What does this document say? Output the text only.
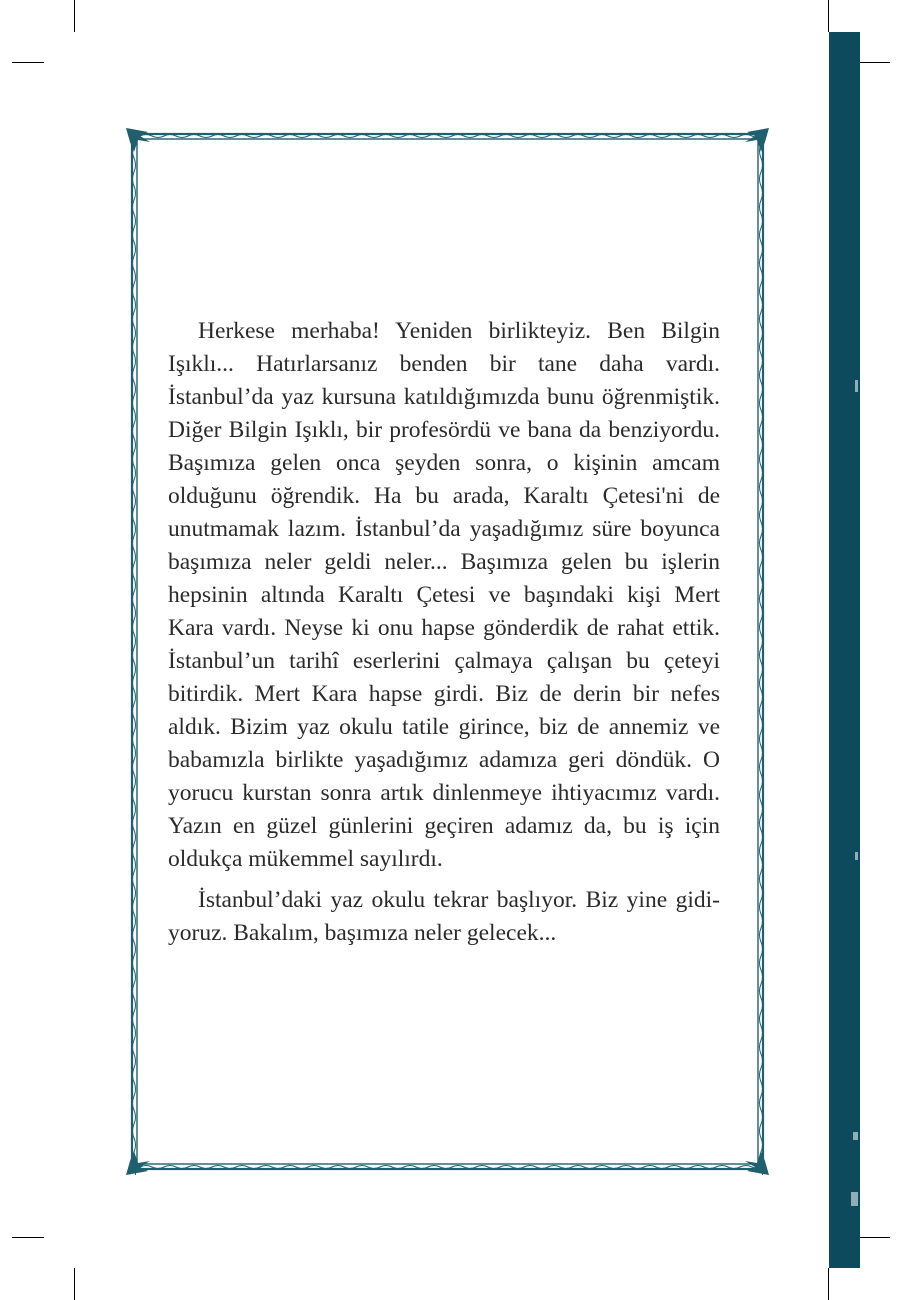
Herkese merhaba! Yeniden birlikteyiz. Ben Bilgin Işıklı... Hatırlarsanız benden bir tane daha vardı. İstanbul’da yaz kursuna katıldığımızda bunu öğrenmiştik. Diğer Bilgin Işıklı, bir profesördü ve bana da benziyordu. Başımıza gelen onca şeyden sonra, o kişinin amcam olduğunu öğrendik. Ha bu arada, Karaltı Çetesi'ni de unutmamak lazım. İstanbul’da yaşadığımız süre boyunca başımıza neler geldi neler... Başımıza gelen bu işlerin hepsinin altında Karaltı Çetesi ve başındaki kişi Mert Kara vardı. Neyse ki onu hapse gönderdik de rahat ettik. İstanbul’un tarihî eserlerini çalmaya çalışan bu çeteyi bitirdik. Mert Kara hapse girdi. Biz de derin bir nefes aldık. Bizim yaz okulu tatile girince, biz de annemiz ve babamızla birlikte yaşadığımız adamıza geri döndük. O yorucu kurstan sonra artık dinlenmeye ihtiyacımız vardı. Yazın en güzel günlerini geçiren adamız da, bu iş için oldukça mükemmel sayılırdı.

İstanbul’daki yaz okulu tekrar başlıyor. Biz yine gidiyoruz. Bakalım, başımıza neler gelecek...
